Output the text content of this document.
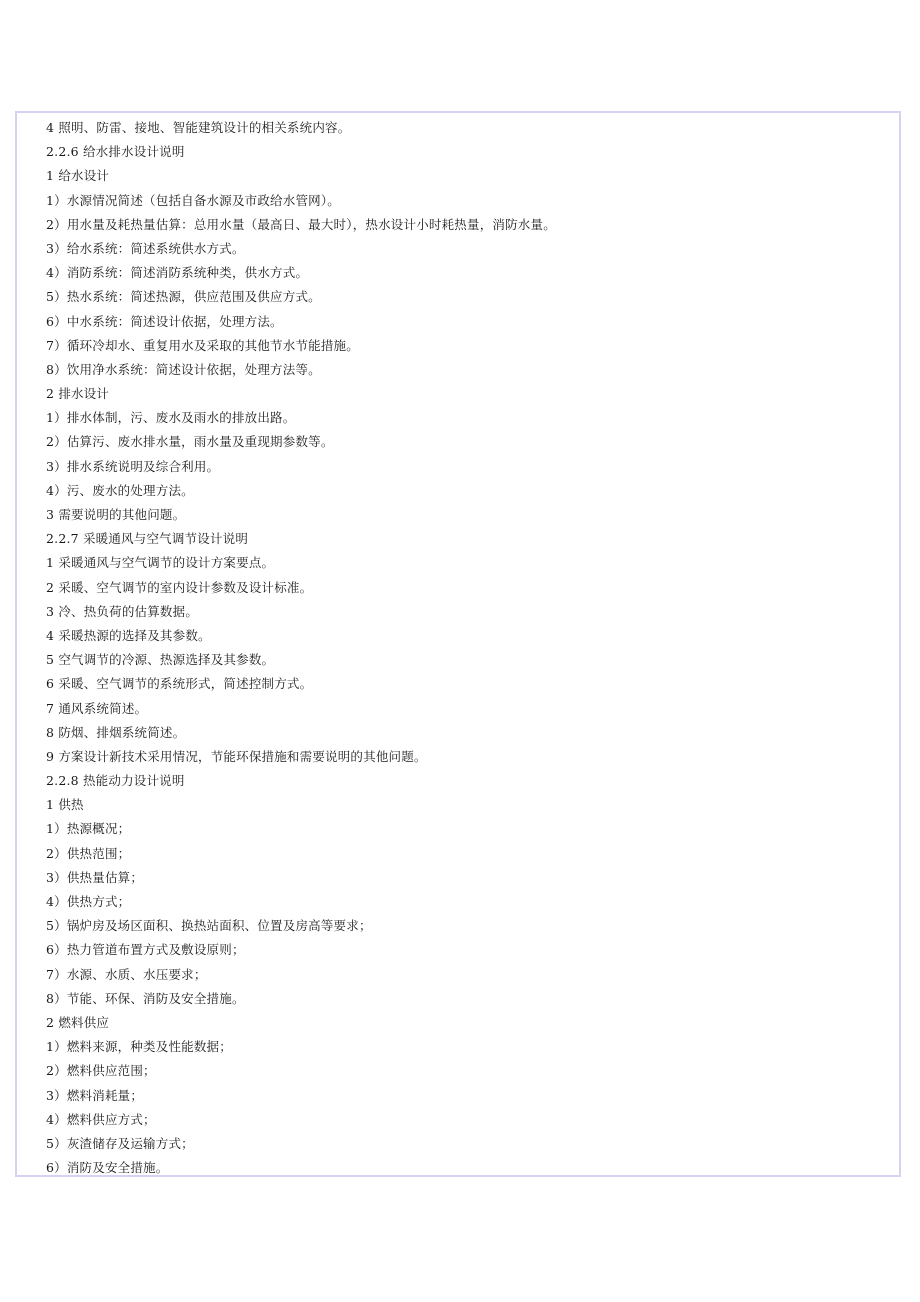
4 照明、防雷、接地、智能建筑设计的相关系统内容。
2.2.6 给水排水设计说明
1 给水设计
1）水源情况简述（包括自备水源及市政给水管网）。
2）用水量及耗热量估算：总用水量（最高日、最大时），热水设计小时耗热量，消防水量。
3）给水系统：简述系统供水方式。
4）消防系统：简述消防系统种类，供水方式。
5）热水系统：简述热源，供应范围及供应方式。
6）中水系统：简述设计依据，处理方法。
7）循环冷却水、重复用水及采取的其他节水节能措施。
8）饮用净水系统：简述设计依据，处理方法等。
2 排水设计
1）排水体制，污、废水及雨水的排放出路。
2）估算污、废水排水量，雨水量及重现期参数等。
3）排水系统说明及综合利用。
4）污、废水的处理方法。
3 需要说明的其他问题。
2.2.7 采暖通风与空气调节设计说明
1 采暖通风与空气调节的设计方案要点。
2 采暖、空气调节的室内设计参数及设计标准。
3 冷、热负荷的估算数据。
4 采暖热源的选择及其参数。
5 空气调节的冷源、热源选择及其参数。
6 采暖、空气调节的系统形式，简述控制方式。
7 通风系统简述。
8 防烟、排烟系统简述。
9 方案设计新技术采用情况，节能环保措施和需要说明的其他问题。
2.2.8 热能动力设计说明
1 供热
1）热源概况；
2）供热范围；
3）供热量估算；
4）供热方式；
5）锅炉房及场区面积、换热站面积、位置及房高等要求；
6）热力管道布置方式及敷设原则；
7）水源、水质、水压要求；
8）节能、环保、消防及安全措施。
2 燃料供应
1）燃料来源，种类及性能数据；
2）燃料供应范围；
3）燃料消耗量；
4）燃料供应方式；
5）灰渣储存及运输方式；
6）消防及安全措施。
